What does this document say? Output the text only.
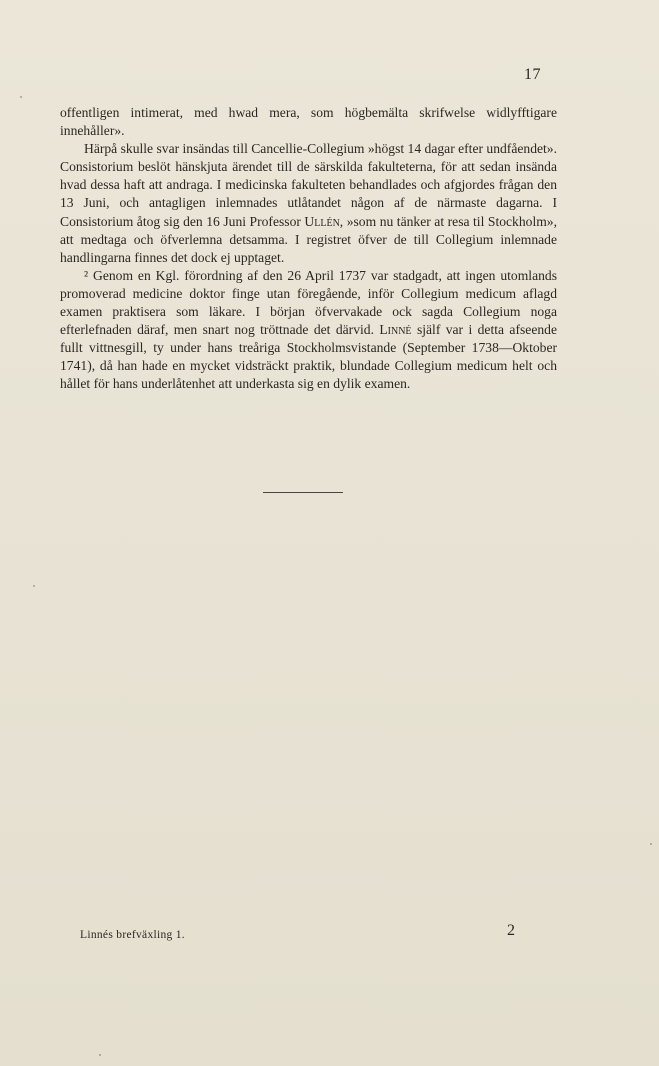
17

offentligen intimerat, med hwad mera, som högbemälta skrifwelse widlyfftigare innehåller».

Härpå skulle svar insändas till Cancellie-Collegium »högst 14 dagar efter undfåendet». Consistorium beslöt hänskjuta ärendet till de särskilda fakulteterna, för att sedan insända hvad dessa haft att andraga. I medicinska fakulteten behandlades och afgjordes frågan den 13 Juni, och antagligen inlemnades utlåtandet någon af de närmaste dagarna. I Consistorium åtog sig den 16 Juni Professor Ullén, »som nu tänker at resa til Stockholm», att medtaga och öfverlemna detsamma. I registret öfver de till Collegium inlemnade handlingarna finnes det dock ej upptaget.

² Genom en Kgl. förordning af den 26 April 1737 var stadgadt, att ingen utomlands promoverad medicine doktor finge utan föregående, inför Collegium medicum aflagd examen praktisera som läkare. I början öfvervakade ock sagda Collegium noga efterlefnaden däraf, men snart nog tröttnade det därvid. Linné själf var i detta afseende fullt vittnesgill, ty under hans treåriga Stockholmsvistande (September 1738—Oktober 1741), då han hade en mycket vidsträckt praktik, blundade Collegium medicum helt och hållet för hans underlåtenhet att underkasta sig en dylik examen.

Linnés brefväxling 1.	2
